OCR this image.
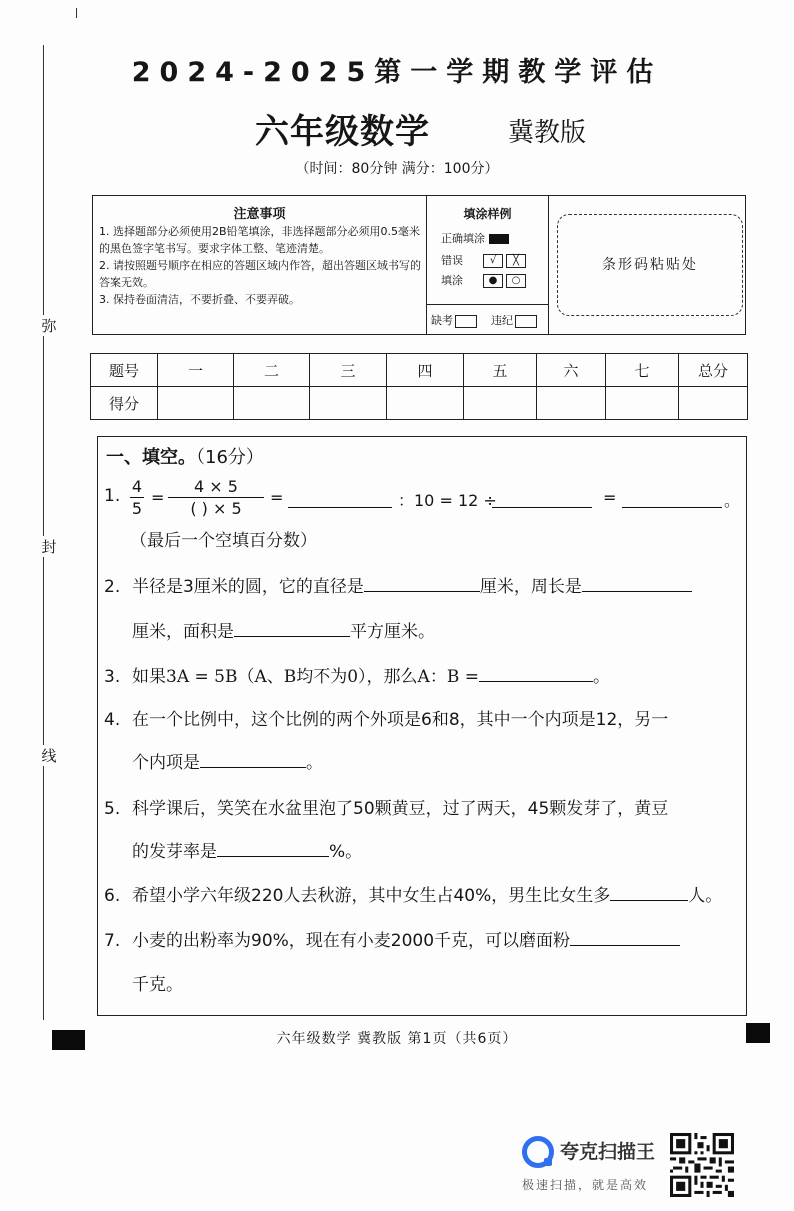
弥
封
线
2024-2025第一学期教学评估
六年级数学	冀教版
（时间：80分钟 满分：100分）
注意事项

1. 选择题部分必须使用2B铅笔填涂，非选择题部分必须用0.5毫米的黑色签字笔书写。要求字体工整、笔迹清楚。

2. 请按照题号顺序在相应的答题区域内作答，超出答题区域书写的答案无效。

3. 保持卷面清洁，不要折叠、不要弄破。

填涂样例
正确填涂
错误	√ ╳
填涂	● ○
缺考	违纪
条形码粘贴处
题号	一	二	三	四	五	六	七	总分
得分								
一、填空。（16分）
1. 4
5
=
4 × 5
( ) × 5
=	：10 = 12 ÷	=	。
（最后一个空填百分数）
2. 半径是3厘米的圆，它的直径是	厘米，周长是
厘米，面积是	平方厘米。
3. 如果3A = 5B（A、B均不为0），那么A：B =	。
4. 在一个比例中，这个比例的两个外项是6和8，其中一个内项是12，另一
个内项是	。
5. 科学课后，笑笑在水盆里泡了50颗黄豆，过了两天，45颗发芽了，黄豆
的发芽率是	%。
6. 希望小学六年级220人去秋游，其中女生占40%，男生比女生多	人。
7. 小麦的出粉率为90%，现在有小麦2000千克，可以磨面粉
千克。
六年级数学 冀教版 第1页（共6页）
夸克扫描王
极速扫描，就是高效
